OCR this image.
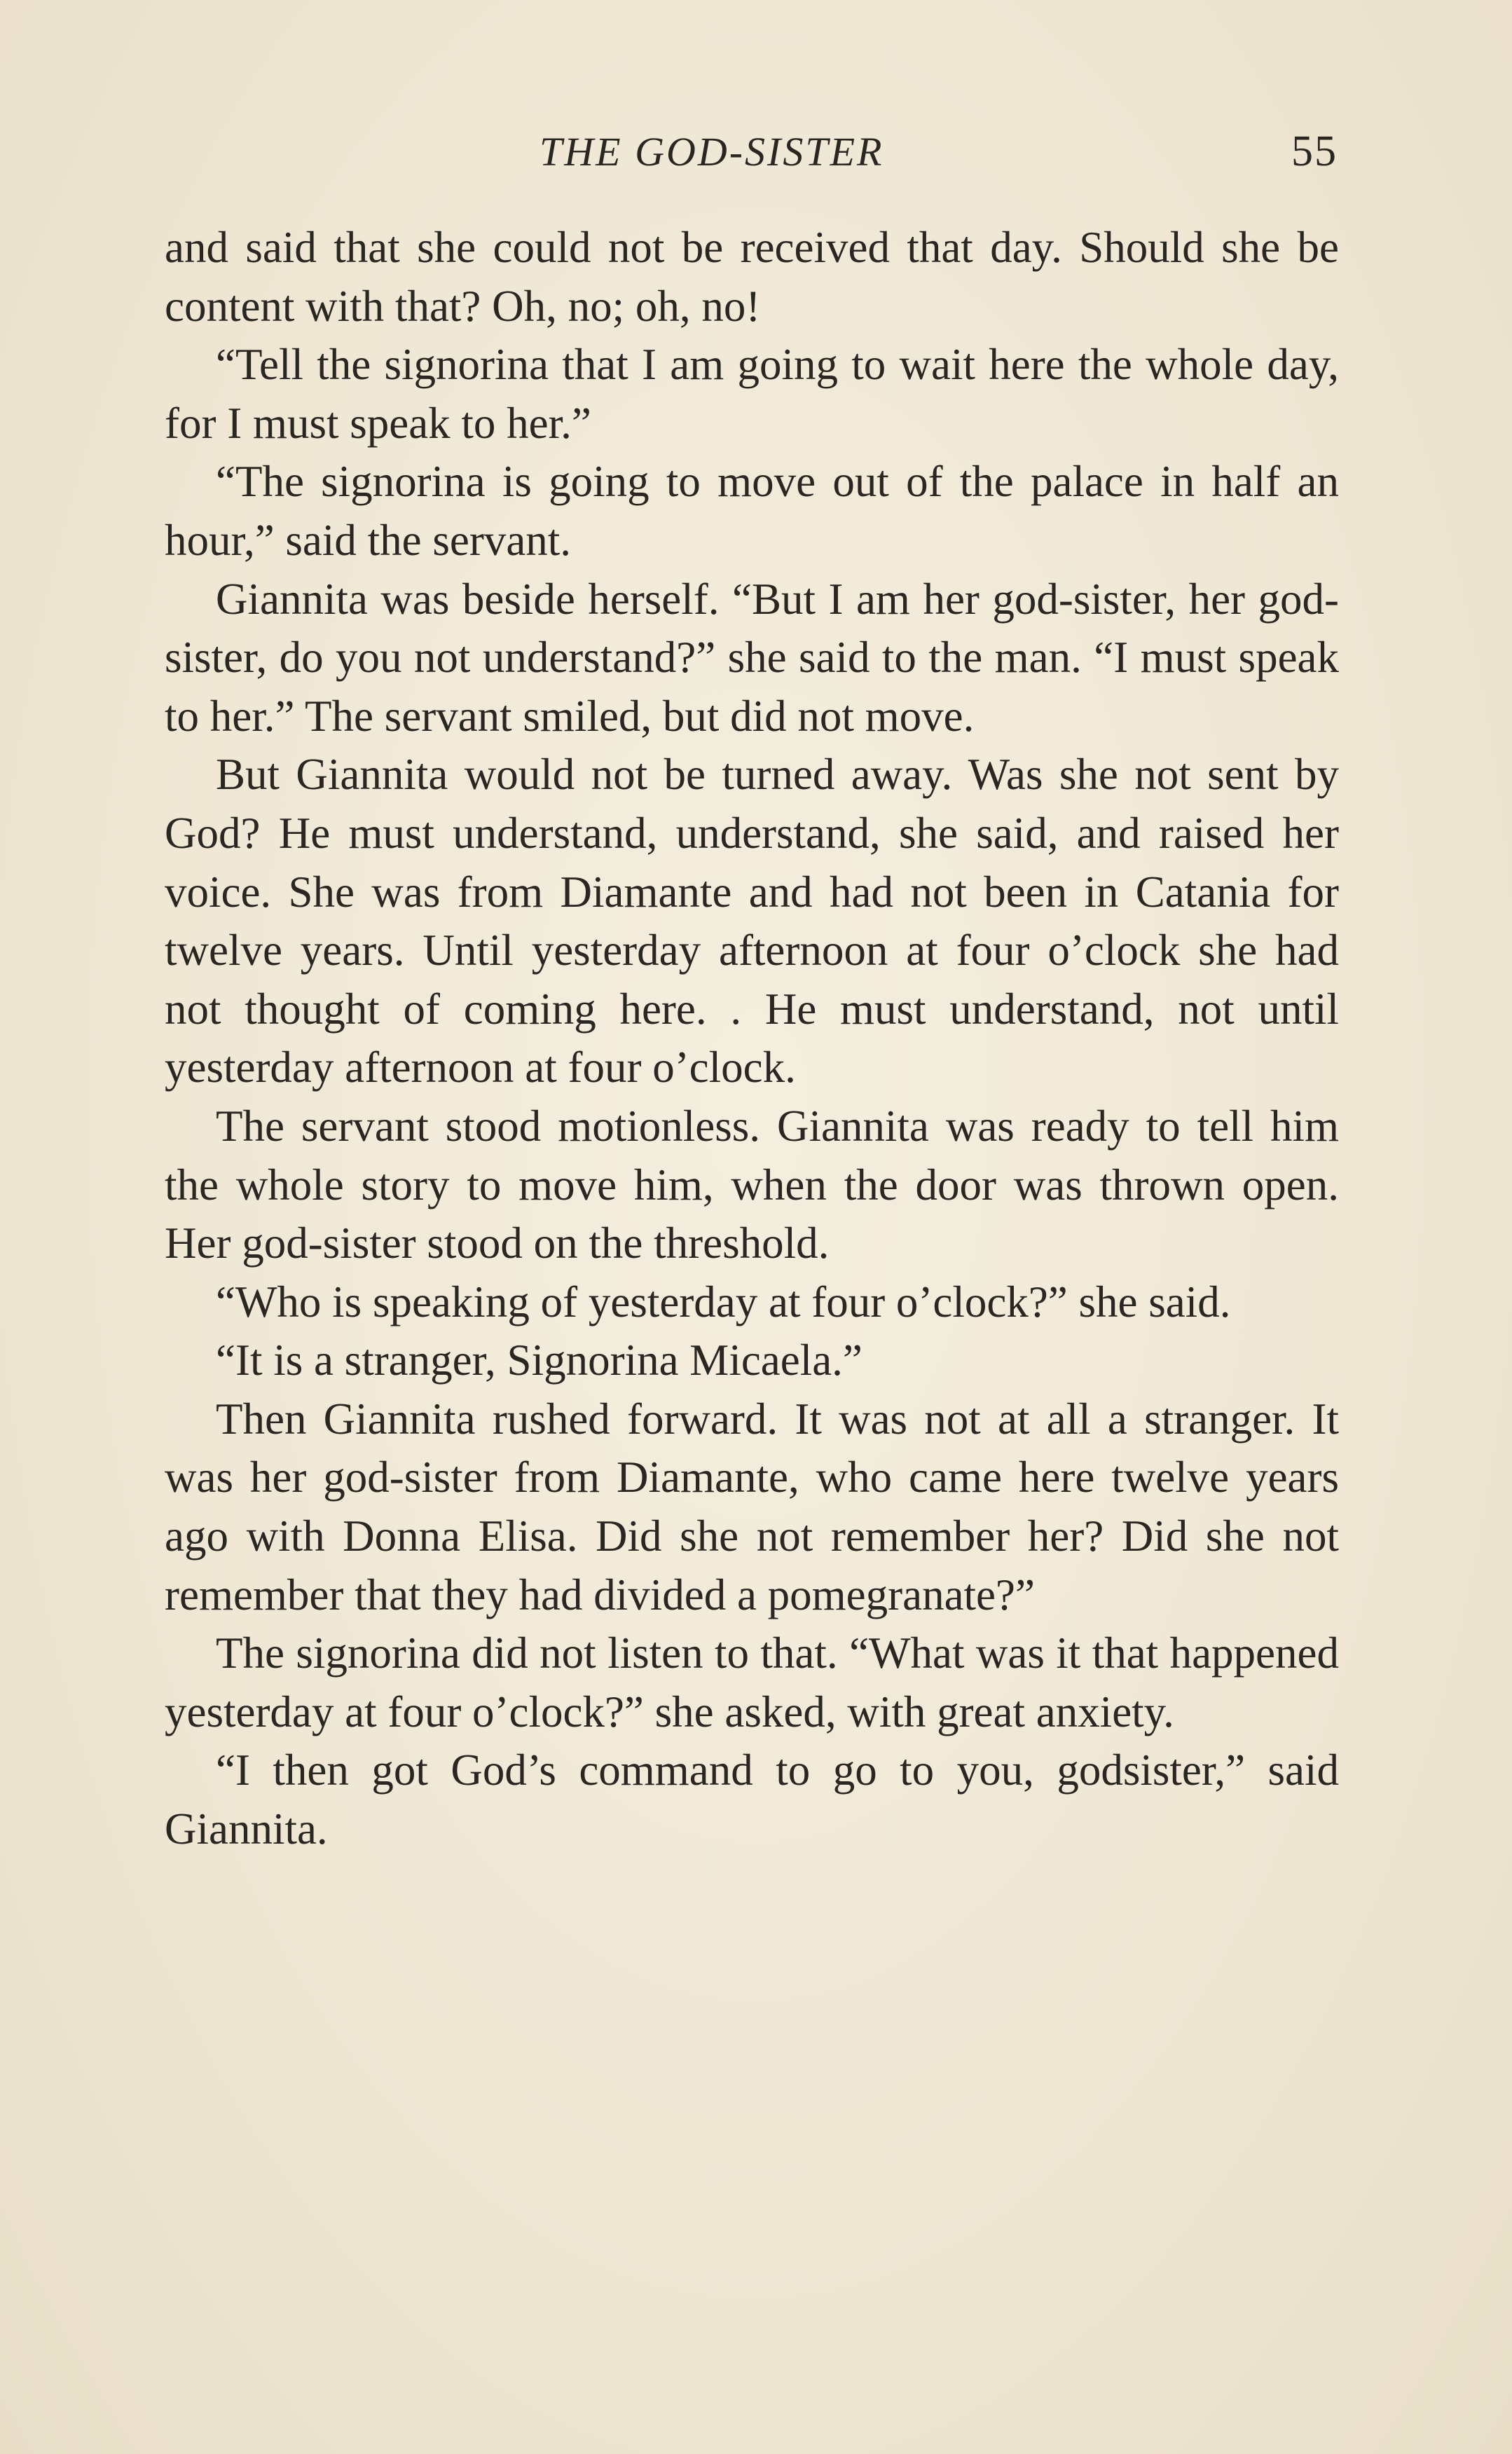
THE GOD-SISTER	55

and said that she could not be received that day. Should she be content with that? Oh, no; oh, no!

“Tell the signorina that I am going to wait here the whole day, for I must speak to her.”

“The signorina is going to move out of the palace in half an hour,” said the servant.

Giannita was beside herself. “But I am her god-sister, her god-sister, do you not understand?” she said to the man. “I must speak to her.” The servant smiled, but did not move.

But Giannita would not be turned away. Was she not sent by God? He must understand, understand, she said, and raised her voice. She was from Diamante and had not been in Catania for twelve years. Until yesterday afternoon at four o’clock she had not thought of coming here. . He must understand, not until yesterday afternoon at four o’clock.

The servant stood motionless. Giannita was ready to tell him the whole story to move him, when the door was thrown open. Her god-sister stood on the threshold.

“Who is speaking of yesterday at four o’clock?” she said.

“It is a stranger, Signorina Micaela.”

Then Giannita rushed forward. It was not at all a stranger. It was her god-sister from Diamante, who came here twelve years ago with Donna Elisa. Did she not remember her? Did she not remember that they had divided a pomegranate?”

The signorina did not listen to that. “What was it that happened yesterday at four o’clock?” she asked, with great anxiety.

“I then got God’s command to go to you, godsister,” said Giannita.
